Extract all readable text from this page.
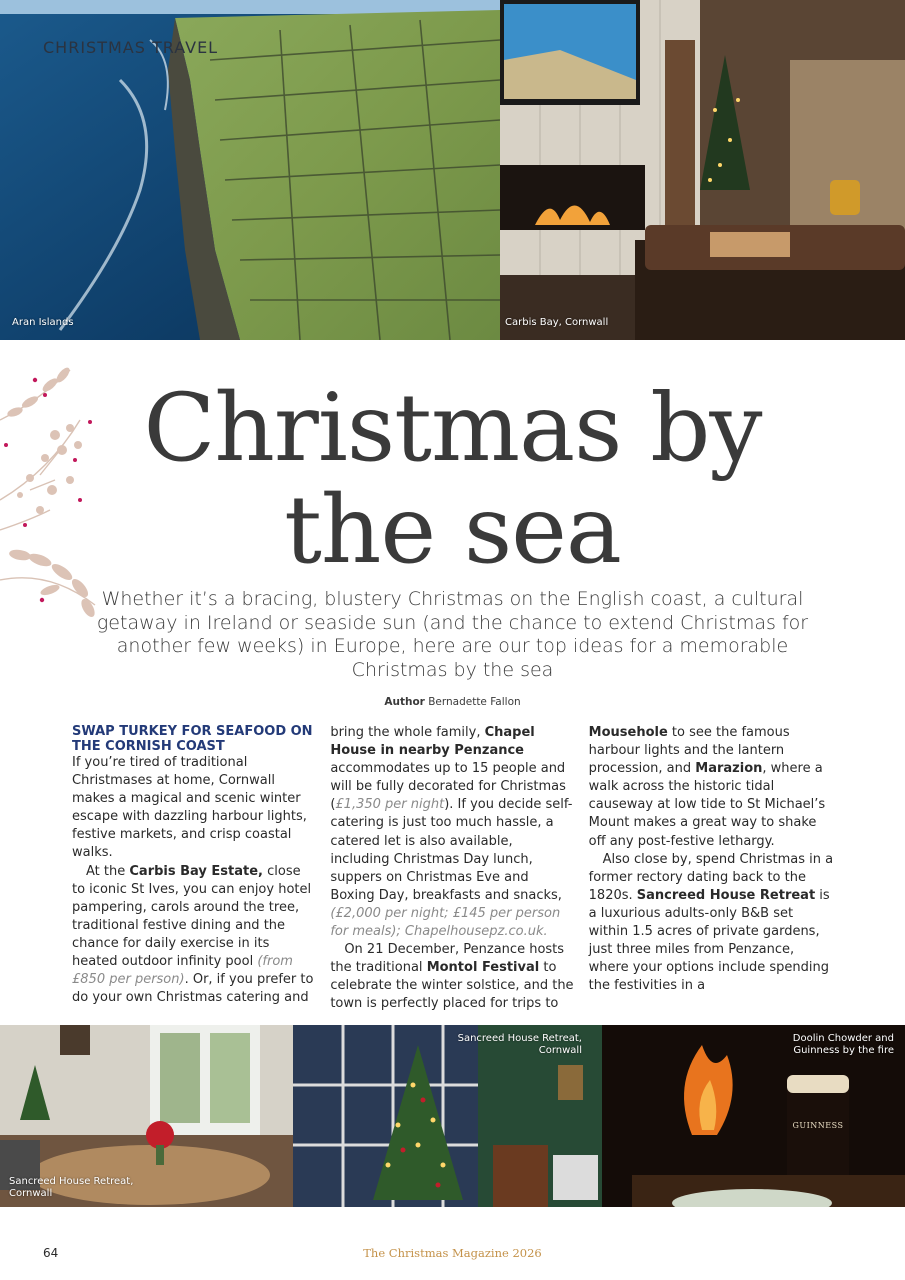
CHRISTMAS TRAVEL
Aran Islands	Carbis Bay, Cornwall
Christmas by
the sea
Whether it’s a bracing, blustery Christmas on the English coast, a cultural getaway in Ireland or seaside sun (and the chance to extend Christmas for another few weeks) in Europe, here are our top ideas for a memorable Christmas by the sea
Author Bernadette Fallon
SWAP TURKEY FOR SEAFOOD ON THE CORNISH COAST

If you’re tired of traditional Christmases at home, Cornwall makes a magical and scenic winter escape with dazzling harbour lights, festive markets, and crisp coastal walks.

At the Carbis Bay Estate, close to iconic St Ives, you can enjoy hotel pampering, carols around the tree, traditional festive dining and the chance for daily exercise in its heated outdoor infinity pool (from £850 per person). Or, if you prefer to do your own Christmas catering and bring the whole family, Chapel House in nearby Penzance accommodates up to 15 people and will be fully decorated for Christmas (£1,350 per night). If you decide self-catering is just too much hassle, a catered let is also available, including Christmas Day lunch, suppers on Christmas Eve and Boxing Day, breakfasts and snacks, (£2,000 per night; £145 per person for meals); Chapelhousepz.co.uk.

On 21 December, Penzance hosts the traditional Montol Festival to celebrate the winter solstice, and the town is perfectly placed for trips to Mousehole to see the famous harbour lights and the lantern procession, and Marazion, where a walk across the historic tidal causeway at low tide to St Michael’s Mount makes a great way to shake off any post-festive lethargy.

Also close by, spend Christmas in a former rectory dating back to the 1820s. Sancreed House Retreat is a luxurious adults-only B&B set within 1.5 acres of private gardens, just three miles from Penzance, where your options include spending the festivities in a

Sancreed House Retreat, Cornwall
Sancreed House Retreat, Cornwall
GUINNESS
Doolin Chowder and Guinness by the fire
64	The Christmas Magazine 2026
